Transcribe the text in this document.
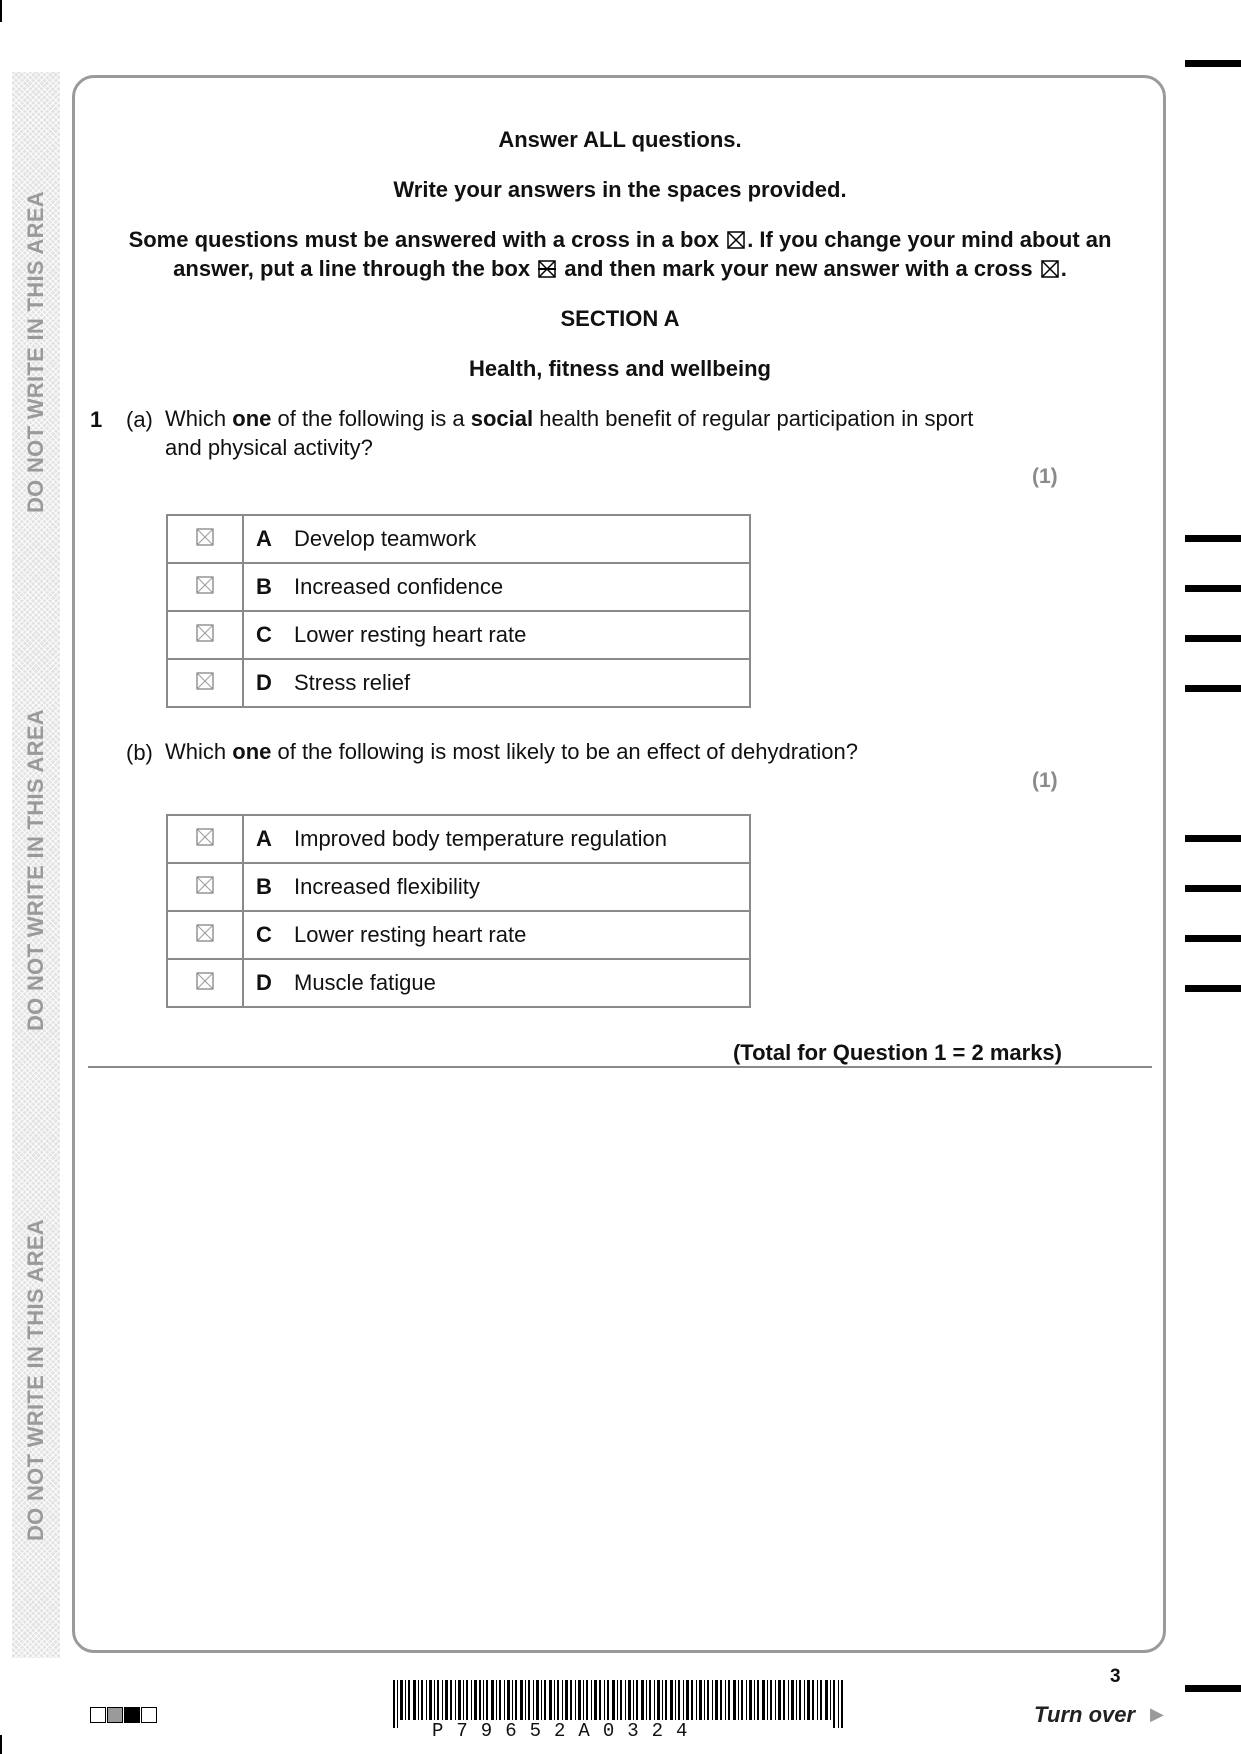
DO NOT WRITE IN THIS AREA
DO NOT WRITE IN THIS AREA
DO NOT WRITE IN THIS AREA
Answer ALL questions.
Write your answers in the spaces provided.
Some questions must be answered with a cross in a box ☒ . If you change your mind about an
answer, put a line through the box and then mark your new answer with a cross ☒ .
SECTION A
Health, fitness and wellbeing
1 (a) Which one of the following is a social health benefit of regular participation in sport and physical activity?
(1)
	A Develop teamwork
	B Increased confidence
	C Lower resting heart rate
	D Stress relief
(b) Which one of the following is most likely to be an effect of dehydration?
(1)
	A Improved body temperature regulation
	B Increased flexibility
	C Lower resting heart rate
	D Muscle fatigue
(Total for Question 1 = 2 marks)
P79652A0324
3
Turn over ▶
